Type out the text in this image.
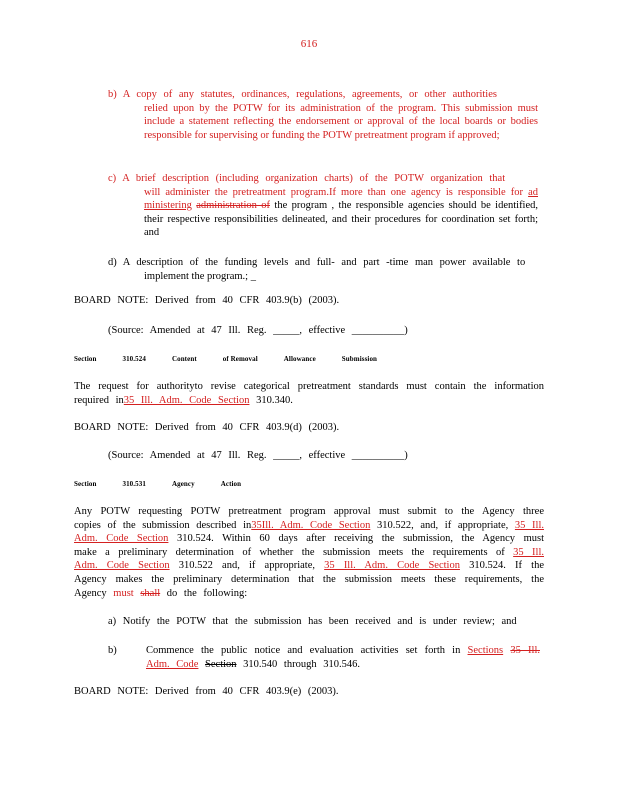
616
b) A copy of any statutes, ordinances, regulations, agreements, or other authorities
relied upon by the POTW for its administration of the program. This submission must include a statement reflecting the endorsement or approval of the local boards or bodies responsible for supervising or funding the POTW pretreatment program if approved;
c) A brief description (including organization charts) of the POTW organization that
will administer the pretreatment program.If more than one agency is responsible for ad ministering administration of the program , the responsible agencies should be identified, their respective responsibilities delineated, and their procedures for coordination set forth; and
d) A description of the funding levels and full- and part -time man power available to
implement the program.; _
BOARD NOTE: Derived from 40 CFR 403.9(b) (2003).
(Source: Amended at 47 Ill. Reg. _____, effective __________)
Section	310.524	Content	of Removal	Allowance	Submission
The request for authorityto revise categorical pretreatment standards must contain the information required in35 Ill. Adm. Code Section 310.340.
BOARD NOTE: Derived from 40 CFR 403.9(d) (2003).
(Source: Amended at 47 Ill. Reg. _____, effective __________)
Section	310.531	Agency	Action
Any POTW requesting POTW pretreatment program approval must submit to the Agency three copies of the submission described in35Ill. Adm. Code Section 310.522, and, if appropriate, 35 Ill. Adm. Code Section 310.524. Within 60 days after receiving the submission, the Agency must make a preliminary determination of whether the submission meets the requirements of 35 Ill. Adm. Code Section 310.522 and, if appropriate, 35 Ill. Adm. Code Section 310.524. If the Agency makes the preliminary determination that the submission meets these requirements, the Agency must shall do the following:
a) Notify the POTW that the submission has been received and is under review; and
b)	Commence the public notice and evaluation activities set forth in Sections 35 Ill. Adm. Code Section 310.540 through 310.546.
BOARD NOTE: Derived from 40 CFR 403.9(e) (2003).
